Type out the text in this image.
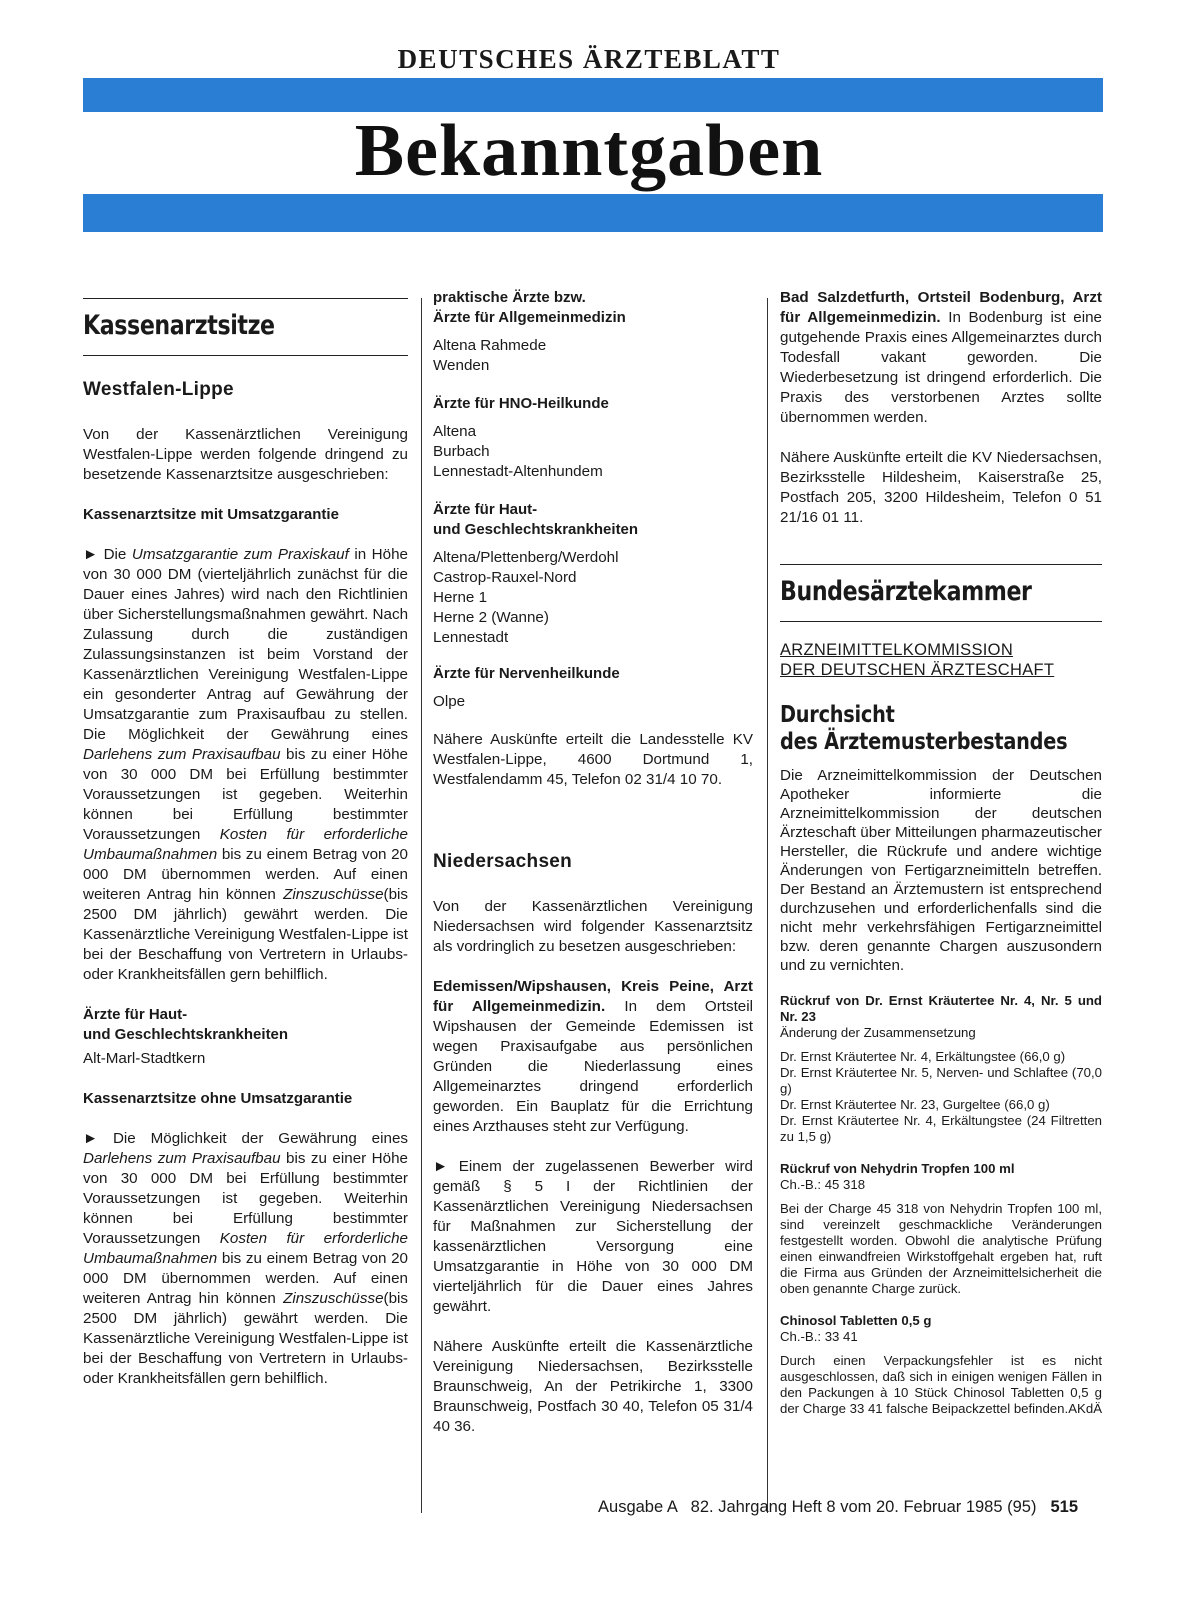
DEUTSCHES ÄRZTEBLATT
Bekanntgaben
Kassenarztsitze
Westfalen-Lippe

Von der Kassenärztlichen Vereinigung Westfalen-Lippe werden folgende dringend zu besetzende Kassenarztsitze ausgeschrieben:

Kassenarztsitze mit Umsatzgarantie

► Die Umsatzgarantie zum Praxiskauf in Höhe von 30 000 DM (vierteljährlich zunächst für die Dauer eines Jahres) wird nach den Richtlinien über Sicherstellungsmaßnahmen gewährt. Nach Zulassung durch die zuständigen Zulassungsinstanzen ist beim Vorstand der Kassenärztlichen Vereinigung Westfalen-Lippe ein gesonderter Antrag auf Gewährung der Umsatzgarantie zum Praxisaufbau zu stellen. Die Möglichkeit der Gewährung eines Darlehens zum Praxisaufbau bis zu einer Höhe von 30 000 DM bei Erfüllung bestimmter Voraussetzungen ist gegeben. Weiterhin können bei Erfüllung bestimmter Voraussetzungen Kosten für erforderliche Umbaumaßnahmen bis zu einem Betrag von 20 000 DM übernommen werden. Auf einen weiteren Antrag hin können Zinszuschüsse(bis 2500 DM jährlich) gewährt werden. Die Kassenärztliche Vereinigung Westfalen-Lippe ist bei der Beschaffung von Vertretern in Urlaubs- oder Krankheitsfällen gern behilflich.

Ärzte für Haut-
und Geschlechtskrankheiten

Alt-Marl-Stadtkern

Kassenarztsitze ohne Umsatzgarantie

► Die Möglichkeit der Gewährung eines Darlehens zum Praxisaufbau bis zu einer Höhe von 30 000 DM bei Erfüllung bestimmter Voraussetzungen ist gegeben. Weiterhin können bei Erfüllung bestimmter Voraussetzungen Kosten für erforderliche Umbaumaßnahmen bis zu einem Betrag von 20 000 DM übernommen werden. Auf einen weiteren Antrag hin können Zinszuschüsse(bis 2500 DM jährlich) gewährt werden. Die Kassenärztliche Vereinigung Westfalen-Lippe ist bei der Beschaffung von Vertretern in Urlaubs- oder Krankheitsfällen gern behilflich.

praktische Ärzte bzw.
Ärzte für Allgemeinmedizin
Altena Rahmede
Wenden
Ärzte für HNO-Heilkunde
Altena
Burbach
Lennestadt-Altenhundem
Ärzte für Haut-
und Geschlechtskrankheiten
Altena/Plettenberg/Werdohl
Castrop-Rauxel-Nord
Herne 1
Herne 2 (Wanne)
Lennestadt
Ärzte für Nervenheilkunde

Olpe

Nähere Auskünfte erteilt die Landesstelle KV Westfalen-Lippe, 4600 Dortmund 1, Westfalendamm 45, Telefon 02 31/4 10 70.

Niedersachsen

Von der Kassenärztlichen Vereinigung Niedersachsen wird folgender Kassenarztsitz als vordringlich zu besetzen ausgeschrieben:

Edemissen/Wipshausen, Kreis Peine, Arzt für Allgemeinmedizin. In dem Ortsteil Wipshausen der Gemeinde Edemissen ist wegen Praxisaufgabe aus persönlichen Gründen die Niederlassung eines Allgemeinarztes dringend erforderlich geworden. Ein Bauplatz für die Errichtung eines Arzthauses steht zur Verfügung.

► Einem der zugelassenen Bewerber wird gemäß § 5 I der Richtlinien der Kassenärztlichen Vereinigung Niedersachsen für Maßnahmen zur Sicherstellung der kassenärztlichen Versorgung eine Umsatzgarantie in Höhe von 30 000 DM vierteljährlich für die Dauer eines Jahres gewährt.

Nähere Auskünfte erteilt die Kassenärztliche Vereinigung Niedersachsen, Bezirksstelle Braunschweig, An der Petrikirche 1, 3300 Braunschweig, Postfach 30 40, Telefon 05 31/4 40 36.

Bad Salzdetfurth, Ortsteil Bodenburg, Arzt für Allgemeinmedizin. In Bodenburg ist eine gutgehende Praxis eines Allgemeinarztes durch Todesfall vakant geworden. Die Wiederbesetzung ist dringend erforderlich. Die Praxis des verstorbenen Arztes sollte übernommen werden.

Nähere Auskünfte erteilt die KV Niedersachsen, Bezirksstelle Hildesheim, Kaiserstraße 25, Postfach 205, 3200 Hildesheim, Telefon 0 51 21/16 01 11.

Bundesärztekammer
ARZNEIMITTELKOMMISSION
DER DEUTSCHEN ÄRZTESCHAFT
Durchsicht
des Ärztemusterbestandes

Die Arzneimittelkommission der Deutschen Apotheker informierte die Arzneimittelkommission der deutschen Ärzteschaft über Mitteilungen pharmazeutischer Hersteller, die Rückrufe und andere wichtige Änderungen von Fertigarzneimitteln betreffen. Der Bestand an Ärztemustern ist entsprechend durchzusehen und erforderlichenfalls sind die nicht mehr verkehrsfähigen Fertigarzneimittel bzw. deren genannte Chargen auszusondern und zu vernichten.

Rückruf von Dr. Ernst Kräutertee Nr. 4, Nr. 5 und Nr. 23

Änderung der Zusammensetzung

Dr. Ernst Kräutertee Nr. 4, Erkältungstee (66,0 g)

Dr. Ernst Kräutertee Nr. 5, Nerven- und Schlaftee (70,0 g)

Dr. Ernst Kräutertee Nr. 23, Gurgeltee (66,0 g)

Dr. Ernst Kräutertee Nr. 4, Erkältungstee (24 Filtretten zu 1,5 g)

Rückruf von Nehydrin Tropfen 100 ml

Ch.-B.: 45 318

Bei der Charge 45 318 von Nehydrin Tropfen 100 ml, sind vereinzelt geschmackliche Veränderungen festgestellt worden. Obwohl die analytische Prüfung einen einwandfreien Wirkstoffgehalt ergeben hat, ruft die Firma aus Gründen der Arzneimittelsicherheit die oben genannte Charge zurück.

Chinosol Tabletten 0,5 g

Ch.-B.: 33 41

Durch einen Verpackungsfehler ist es nicht ausgeschlossen, daß sich in einigen wenigen Fällen in den Packungen à 10 Stück Chinosol Tabletten 0,5 g der Charge 33 41 falsche Beipackzettel befinden. AKdÄ

Ausgabe A   82. Jahrgang Heft 8 vom 20. Februar 1985 (95) 515
